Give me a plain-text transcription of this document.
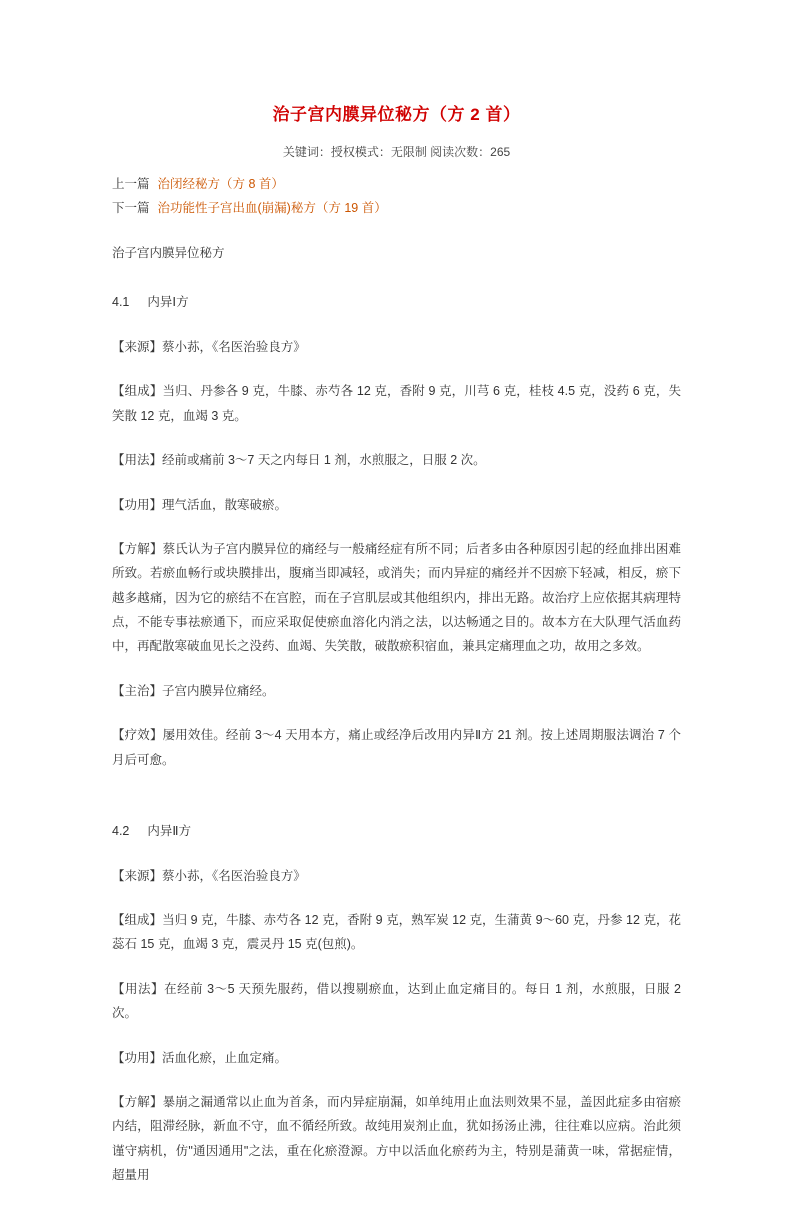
治子宫内膜异位秘方（方 2 首）
关键词：授权模式：无限制 阅读次数：265
上一篇 治闭经秘方（方 8 首）
下一篇 治功能性子宫出血(崩漏)秘方（方 19 首）
治子宫内膜异位秘方
4.1 内异Ⅰ方

【来源】蔡小荪，《名医治验良方》

【组成】当归、丹参各 9 克，牛膝、赤芍各 12 克，香附 9 克，川芎 6 克，桂枝 4.5 克，没药 6 克，失笑散 12 克，血竭 3 克。

【用法】经前或痛前 3～7 天之内每日 1 剂，水煎服之，日服 2 次。

【功用】理气活血，散寒破瘀。

【方解】蔡氏认为子宫内膜异位的痛经与一般痛经症有所不同；后者多由各种原因引起的经血排出困难所致。若瘀血畅行或块膜排出，腹痛当即减轻，或消失；而内异症的痛经并不因瘀下轻减，相反，瘀下越多越痛，因为它的瘀结不在宫腔，而在子宫肌层或其他组织内，排出无路。故治疗上应依据其病理特点，不能专事祛瘀通下，而应采取促使瘀血溶化内消之法，以达畅通之目的。故本方在大队理气活血药中，再配散寒破血见长之没药、血竭、失笑散，破散瘀积宿血，兼具定痛理血之功，故用之多效。

【主治】子宫内膜异位痛经。

【疗效】屡用效佳。经前 3～4 天用本方，痛止或经净后改用内异Ⅱ方 21 剂。按上述周期服法调治 7 个月后可愈。

4.2 内异Ⅱ方

【来源】蔡小荪，《名医治验良方》

【组成】当归 9 克，牛膝、赤芍各 12 克，香附 9 克，熟军炭 12 克，生蒲黄 9～60 克，丹参 12 克，花蕊石 15 克，血竭 3 克，震灵丹 15 克(包煎)。

【用法】在经前 3～5 天预先服药，借以搜剔瘀血，达到止血定痛目的。每日 1 剂，水煎服，日服 2 次。

【功用】活血化瘀，止血定痛。

【方解】暴崩之漏通常以止血为首条，而内异症崩漏，如单纯用止血法则效果不显，盖因此症多由宿瘀内结，阻滞经脉，新血不守，血不循经所致。故纯用炭剂止血，犹如扬汤止沸，往往难以应病。治此须谨守病机，仿"通因通用"之法，重在化瘀澄源。方中以活血化瘀药为主，特别是蒲黄一味，常据症情，超量用
